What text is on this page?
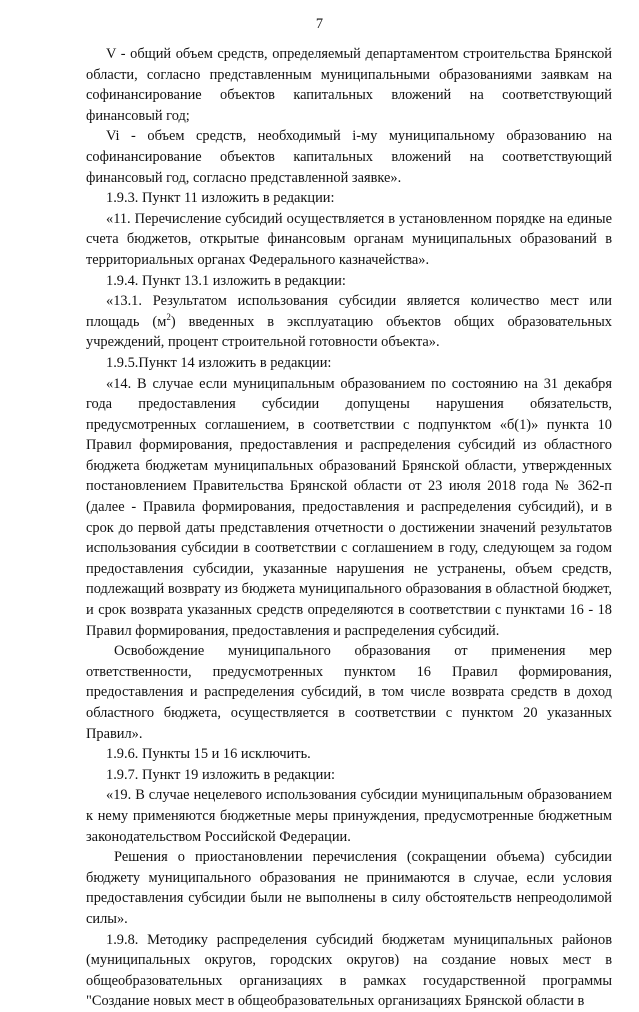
7

V - общий объем средств, определяемый департаментом строительства Брянской области, согласно представленным муниципальными образованиями заявкам на софинансирование объектов капитальных вложений на соответствующий финансовый год;

Vi - объем средств, необходимый i-му муниципальному образованию на софинансирование объектов капитальных вложений на соответствующий финансовый год, согласно представленной заявке».

1.9.3. Пункт 11 изложить в редакции:

«11. Перечисление субсидий осуществляется в установленном порядке на единые счета бюджетов, открытые финансовым органам муниципальных образований в территориальных органах Федерального казначейства».

1.9.4. Пункт 13.1 изложить в редакции:

«13.1. Результатом использования субсидии является количество мест или площадь $(м^2)$ введенных в эксплуатацию объектов общих образовательных учреждений, процент строительной готовности объекта».

1.9.5.Пункт 14 изложить в редакции:

«14. В случае если муниципальным образованием по состоянию на 31 декабря года предоставления субсидии допущены нарушения обязательств, предусмотренных соглашением, в соответствии с подпунктом «б(1)» пункта 10 Правил формирования, предоставления и распределения субсидий из областного бюджета бюджетам муниципальных образований Брянской области, утвержденных постановлением Правительства Брянской области от 23 июля 2018 года № 362-п (далее - Правила формирования, предоставления и распределения субсидий), и в срок до первой даты представления отчетности о достижении значений результатов использования субсидии в соответствии с соглашением в году, следующем за годом предоставления субсидии, указанные нарушения не устранены, объем средств, подлежащий возврату из бюджета муниципального образования в областной бюджет, и срок возврата указанных средств определяются в соответствии с пунктами 16 - 18 Правил формирования, предоставления и распределения субсидий.

Освобождение муниципального образования от применения мер ответственности, предусмотренных пунктом 16 Правил формирования, предоставления и распределения субсидий, в том числе возврата средств в доход областного бюджета, осуществляется в соответствии с пунктом 20 указанных Правил».

1.9.6. Пункты 15 и 16 исключить.

1.9.7. Пункт 19 изложить в редакции:

«19. В случае нецелевого использования субсидии муниципальным образованием к нему применяются бюджетные меры принуждения, предусмотренные бюджетным законодательством Российской Федерации.

Решения о приостановлении перечисления (сокращении объема) субсидии бюджету муниципального образования не принимаются в случае, если условия предоставления субсидии были не выполнены в силу обстоятельств непреодолимой силы».

1.9.8. Методику распределения субсидий бюджетам муниципальных районов (муниципальных округов, городских округов) на создание новых мест в общеобразовательных организациях в рамках государственной программы "Создание новых мест в общеобразовательных организациях Брянской области в
